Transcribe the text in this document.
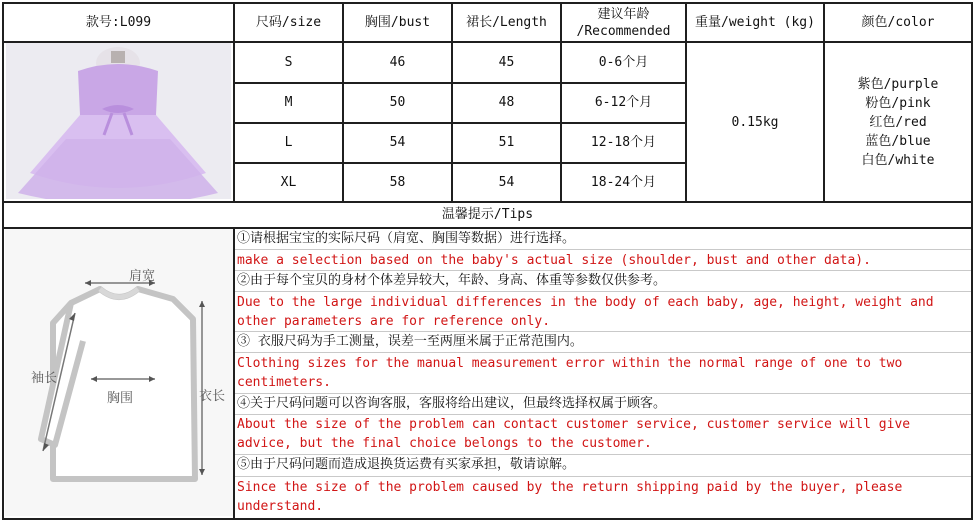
款号:L099	尺码/size	胸围/bust	裙长/Length
建议年龄
/Recommended
重量/weight (kg)	颜色/color
S	46	45	0-6个月
M	50	48	6-12个月
L	54	51	12-18个月
XL	58	54	18-24个月
0.15kg
紫色/purple
粉色/pink
红色/red
蓝色/blue
白色/white
温馨提示/Tips
肩宽
袖长
胸围	衣长
①请根据宝宝的实际尺码（肩宽、胸围等数据）进行选择。
make a selection based on the baby's actual size (shoulder, bust and other data).
②由于每个宝贝的身材个体差异较大，年龄、身高、体重等参数仅供参考。
Due to the large individual differences in the body of each baby, age, height, weight and other parameters are for reference only.
③ 衣服尺码为手工测量，误差一至两厘米属于正常范围内。
Clothing sizes for the manual measurement error within the normal range of one to two centimeters.
④关于尺码问题可以咨询客服，客服将给出建议，但最终选择权属于顾客。
About the size of the problem can contact customer service, customer service will give advice, but the final choice belongs to the customer.
⑤由于尺码问题而造成退换货运费有买家承担，敬请谅解。
Since the size of the problem caused by the return shipping paid by the buyer, please understand.
